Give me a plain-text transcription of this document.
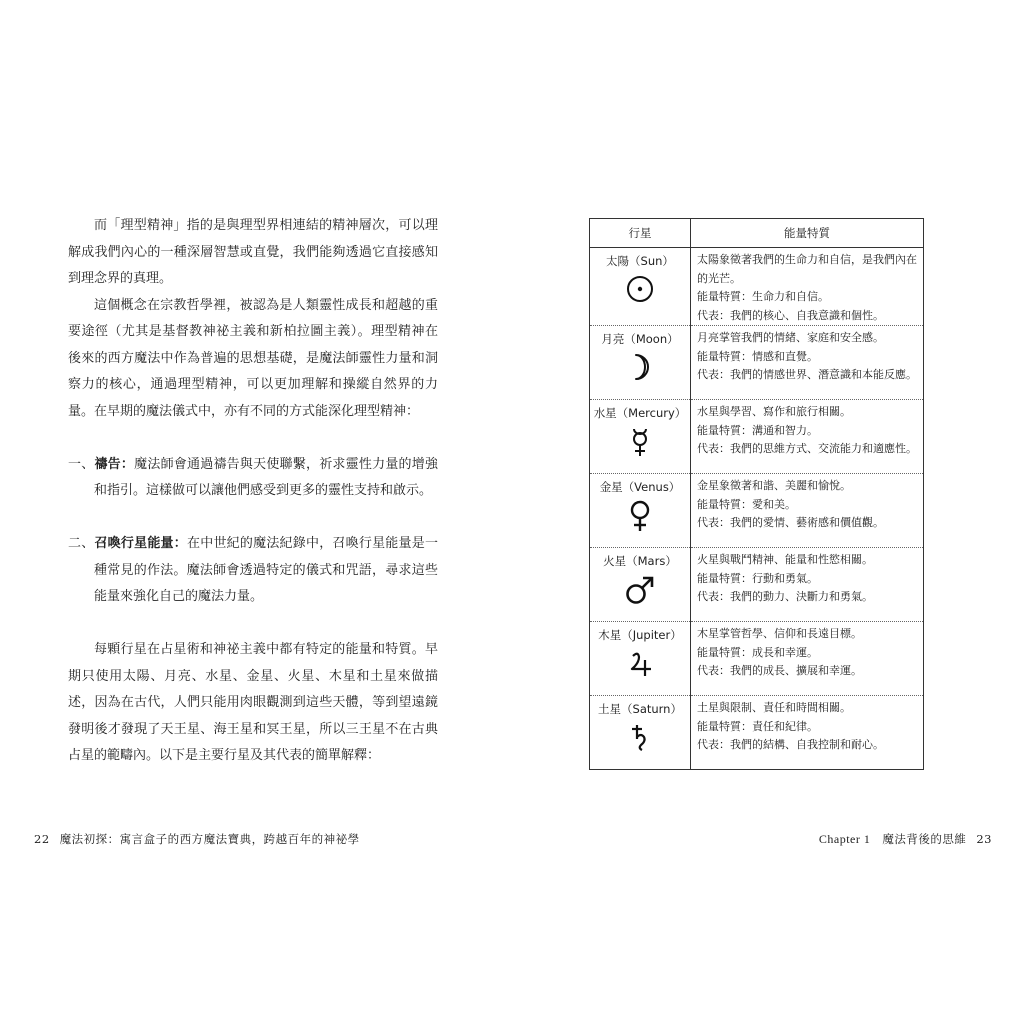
而「理型精神」指的是與理型界相連結的精神層次，可以理解成我們內心的一種深層智慧或直覺，我們能夠透過它直接感知到理念界的真理。

這個概念在宗教哲學裡，被認為是人類靈性成長和超越的重要途徑（尤其是基督教神祕主義和新柏拉圖主義）。理型精神在後來的西方魔法中作為普遍的思想基礎，是魔法師靈性力量和洞察力的核心，通過理型精神，可以更加理解和操縱自然界的力量。在早期的魔法儀式中，亦有不同的方式能深化理型精神：

一、禱告：魔法師會通過禱告與天使聯繫，祈求靈性力量的增強和指引。這樣做可以讓他們感受到更多的靈性支持和啟示。

二、召喚行星能量：在中世紀的魔法紀錄中，召喚行星能量是一種常見的作法。魔法師會透過特定的儀式和咒語，尋求這些能量來強化自己的魔法力量。

每顆行星在占星術和神祕主義中都有特定的能量和特質。早期只使用太陽、月亮、水星、金星、火星、木星和土星來做描述，因為在古代，人們只能用肉眼觀測到這些天體，等到望遠鏡發明後才發現了天王星、海王星和冥王星，所以三王星不在古典占星的範疇內。以下是主要行星及其代表的簡單解釋：

行星	能量特質

太陽（Sun）	太陽象徵著我們的生命力和自信，是我們內在
的光芒。
能量特質：生命力和自信。
代表：我們的核心、自我意識和個性。

月亮（Moon）	月亮掌管我們的情緒、家庭和安全感。
能量特質：情感和直覺。
代表：我們的情感世界、潛意識和本能反應。

水星（Mercury）	水星與學習、寫作和旅行相關。
能量特質：溝通和智力。
代表：我們的思維方式、交流能力和適應性。

金星（Venus）	金星象徵著和諧、美麗和愉悅。
能量特質：愛和美。
代表：我們的愛情、藝術感和價值觀。

火星（Mars）	火星與戰鬥精神、能量和性慾相關。
能量特質：行動和勇氣。
代表：我們的動力、決斷力和勇氣。

木星（Jupiter）	木星掌管哲學、信仰和長遠目標。
能量特質：成長和幸運。
代表：我們的成長、擴展和幸運。

土星（Saturn）	土星與限制、責任和時間相關。
能量特質：責任和紀律。
代表：我們的結構、自我控制和耐心。
22 魔法初探：寓言盒子的西方魔法寶典，跨越百年的神祕學	Chapter 1 魔法背後的思維 23
